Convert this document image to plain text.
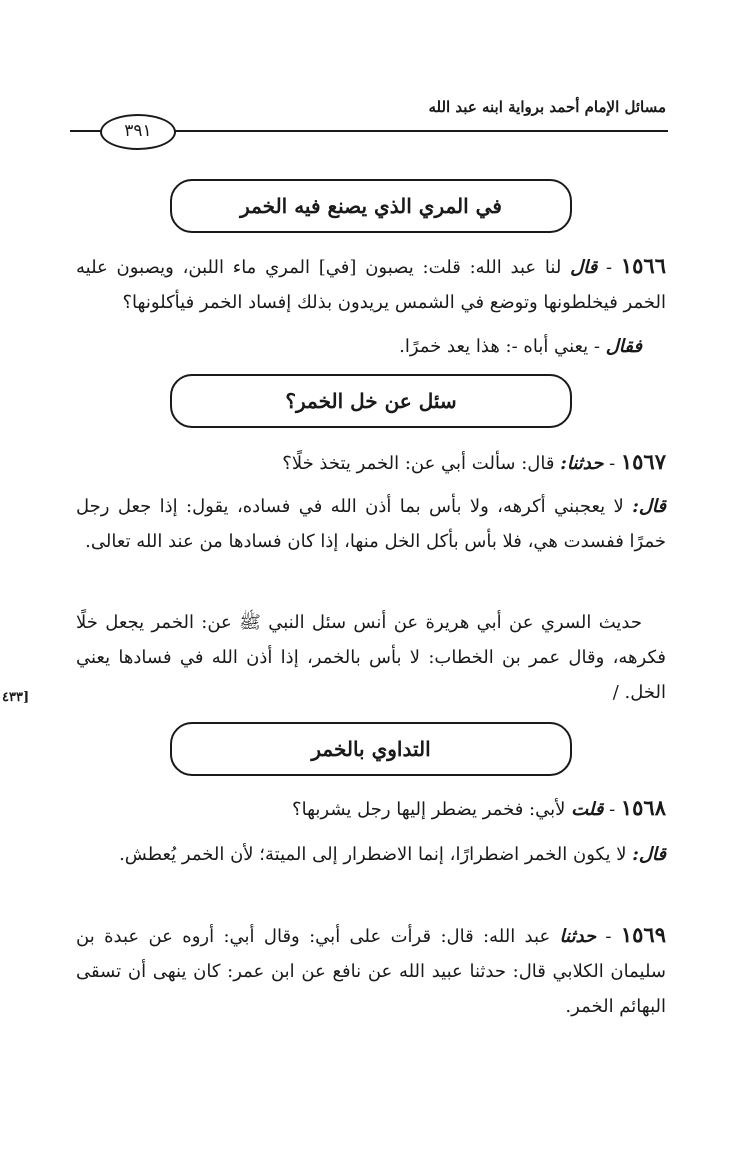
مسائل الإمام أحمد برواية ابنه عبد الله
٣٩١
في المري الذي يصنع فيه الخمر
١٥٦٦ - قال لنا عبد الله: قلت: يصبون [في] المري ماء اللبن، ويصبون عليه الخمر فيخلطونها وتوضع في الشمس يريدون بذلك إفساد الخمر فيأكلونها؟
فقال - يعني أباه -: هذا يعد خمرًا.
سئل عن خل الخمر؟
١٥٦٧ - حدثنا: قال: سألت أبي عن: الخمر يتخذ خلًا؟
قال: لا يعجبني أكرهه، ولا بأس بما أذن الله في فساده، يقول: إذا جعل رجل خمرًا ففسدت هي، فلا بأس بأكل الخل منها، إذا كان فسادها من عند الله تعالى.
حديث السري عن أبي هريرة عن أنس سئل النبي ﷺ عن: الخمر يجعل خلًا فكرهه، وقال عمر بن الخطاب: لا بأس بالخمر، إذا أذن الله في فسادها يعني الخل. /
٤٣٣]
التداوي بالخمر
١٥٦٨ - قلت لأبي: فخمر يضطر إليها رجل يشربها؟
قال: لا يكون الخمر اضطرارًا، إنما الاضطرار إلى الميتة؛ لأن الخمر يُعطش.
١٥٦٩ - حدثنا عبد الله: قال: قرأت على أبي: وقال أبي: أروه عن عبدة بن سليمان الكلابي قال: حدثنا عبيد الله عن نافع عن ابن عمر: كان ينهى أن تسقى البهائم الخمر.
